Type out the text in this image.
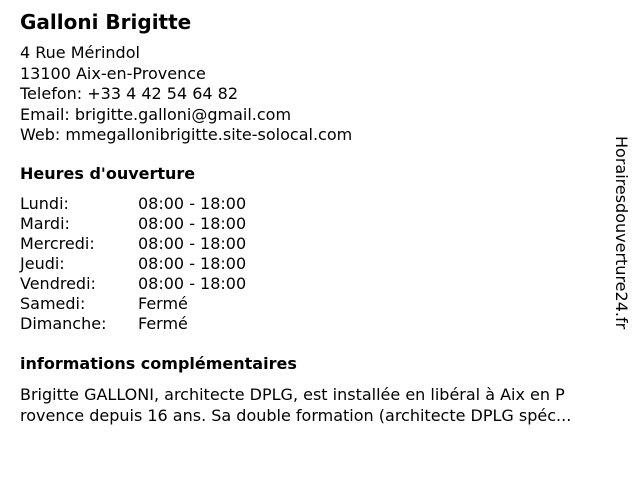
Galloni Brigitte
4 Rue Mérindol
13100 Aix-en-Provence
Telefon: +33 4 42 54 64 82
Email: brigitte.galloni@gmail.com
Web: mmegallonibrigitte.site-solocal.com
Heures d'ouverture
Lundi:	08:00 - 18:00
Mardi:	08:00 - 18:00
Mercredi:	08:00 - 18:00
Jeudi:	08:00 - 18:00
Vendredi:	08:00 - 18:00
Samedi:	Fermé
Dimanche:	Fermé
informations complémentaires
Brigitte GALLONI, architecte DPLG, est installée en libéral à Aix en P
rovence depuis 16 ans. Sa double formation (architecte DPLG spéc...
Horairesdouverture24.fr
